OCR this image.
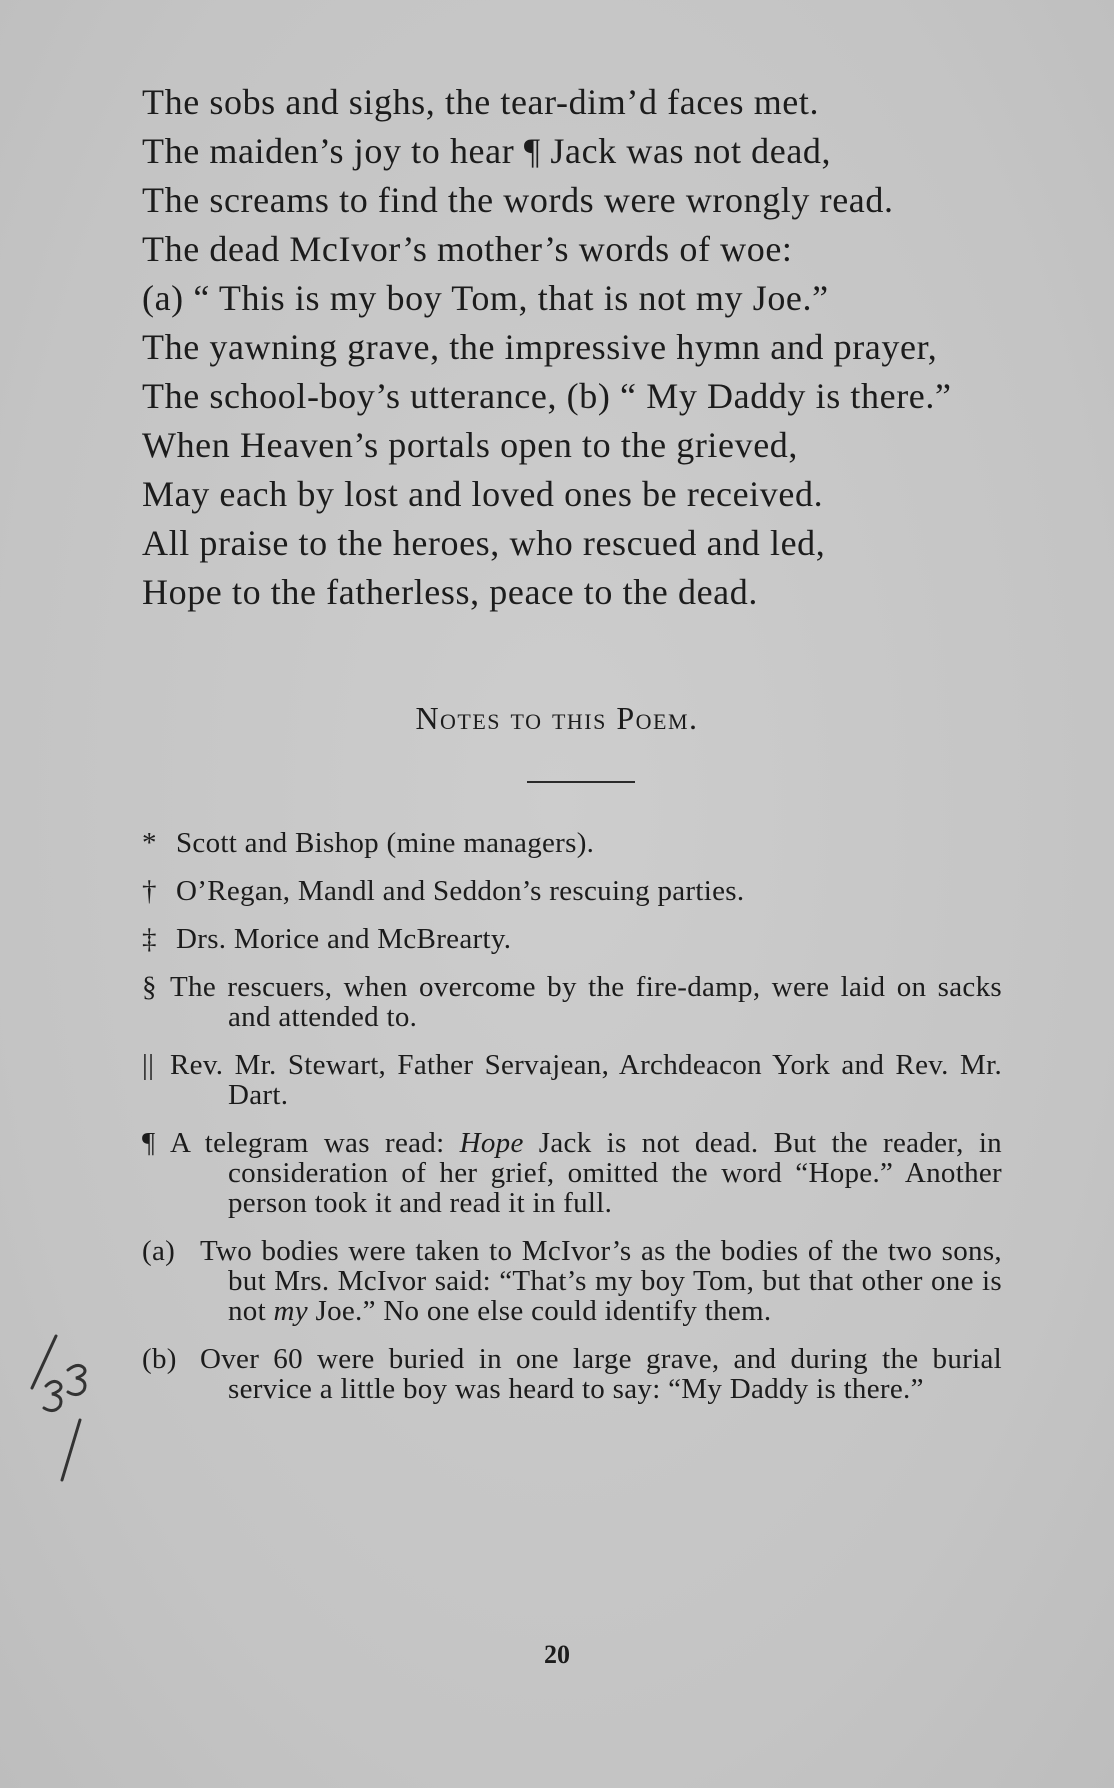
The sobs and sighs, the tear-dim’d faces met.
The maiden’s joy to hear ¶ Jack was not dead,
The screams to find the words were wrongly read.
The dead McIvor’s mother’s words of woe:
(a) “ This is my boy Tom, that is not my Joe.”
The yawning grave, the impressive hymn and prayer,
The school-boy’s utterance, (b) “ My Daddy is there.”
When Heaven’s portals open to the grieved,
May each by lost and loved ones be received.
All praise to the heroes, who rescued and led,
Hope to the fatherless, peace to the dead.
Notes to this Poem.
* Scott and Bishop (mine managers).
† O’Regan, Mandl and Seddon’s rescuing parties.
‡ Drs. Morice and McBrearty.
§ The rescuers, when overcome by the fire-damp, were laid on sacks and attended to.
|| Rev. Mr. Stewart, Father Servajean, Archdeacon York and Rev. Mr. Dart.
¶ A telegram was read: Hope Jack is not dead. But the reader, in consideration of her grief, omitted the word “Hope.” Another person took it and read it in full.
(a) Two bodies were taken to McIvor’s as the bodies of the two sons, but Mrs. McIvor said: “That’s my boy Tom, but that other one is not my Joe.” No one else could identify them.
(b) Over 60 were buried in one large grave, and during the burial service a little boy was heard to say: “My Daddy is there.”
20
